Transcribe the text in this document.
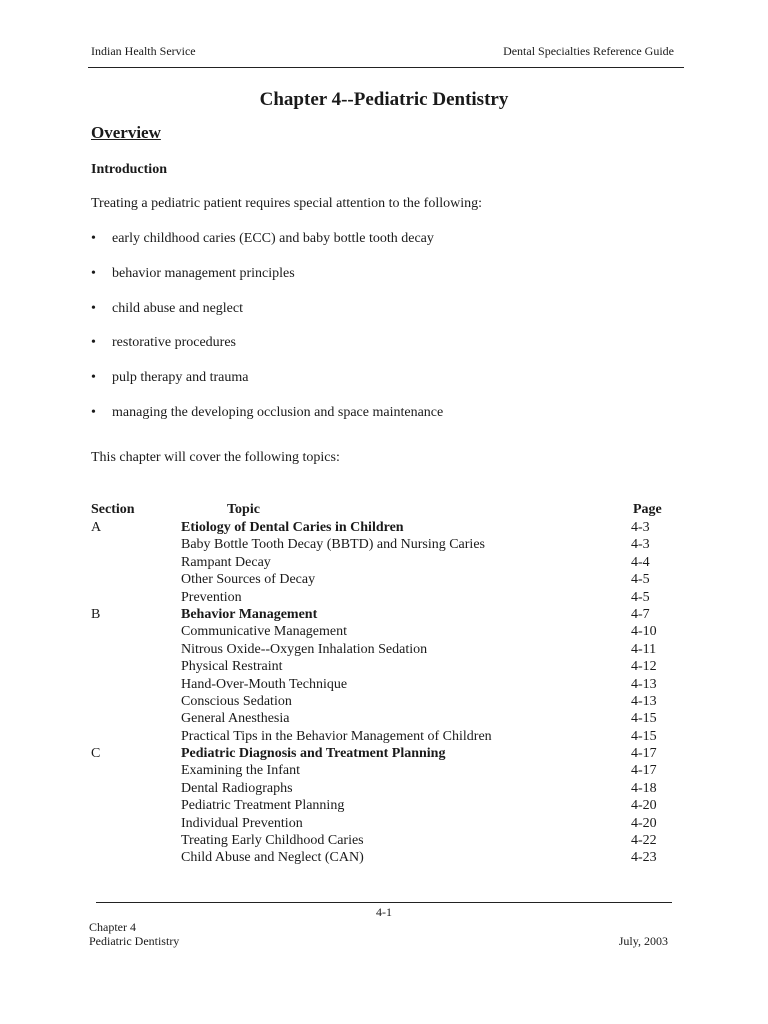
Indian Health Service	Dental Specialties Reference Guide
Chapter 4--Pediatric Dentistry

Overview

Introduction

Treating a pediatric patient requires special attention to the following:

• early childhood caries (ECC) and baby bottle tooth decay
• behavior management principles
• child abuse and neglect
• restorative procedures
• pulp therapy and trauma
• managing the developing occlusion and space maintenance

This chapter will cover the following topics:

Section	Topic	Page
A	Etiology of Dental Caries in Children	4-3
Baby Bottle Tooth Decay (BBTD) and Nursing Caries	4-3
Rampant Decay	4-4
Other Sources of Decay	4-5
Prevention	4-5
B	Behavior Management	4-7
Communicative Management	4-10
Nitrous Oxide--Oxygen Inhalation Sedation	4-11
Physical Restraint	4-12
Hand-Over-Mouth Technique	4-13
Conscious Sedation	4-13
General Anesthesia	4-15
Practical Tips in the Behavior Management of Children	4-15
C	Pediatric Diagnosis and Treatment Planning	4-17
Examining the Infant	4-17
Dental Radiographs	4-18
Pediatric Treatment Planning	4-20
Individual Prevention	4-20
Treating Early Childhood Caries	4-22
Child Abuse and Neglect (CAN)	4-23
4-1
Chapter 4
Pediatric Dentistry	July, 2003
